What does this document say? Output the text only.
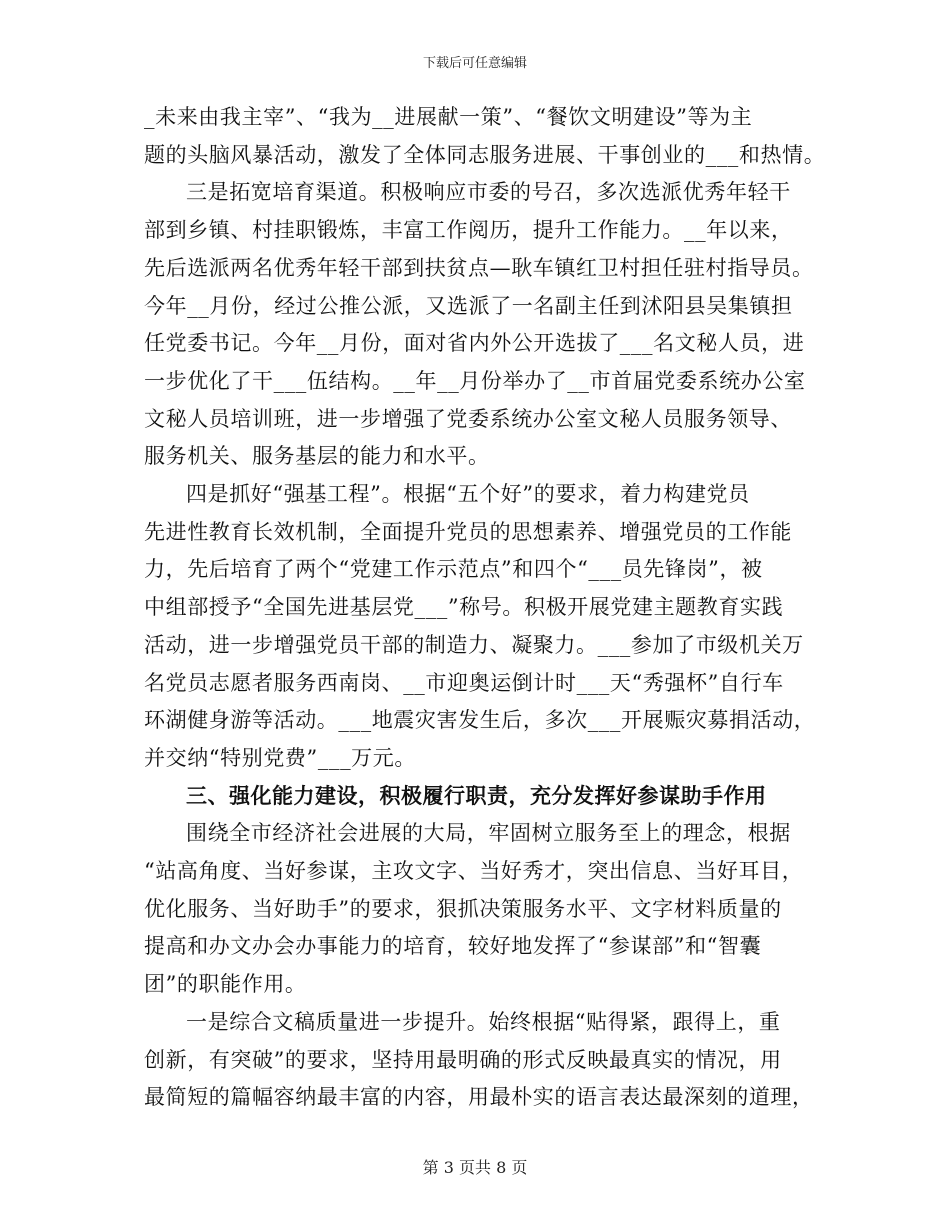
下载后可任意编辑
_未来由我主宰”、“我为__进展献一策”、“餐饮文明建设”等为主
题的头脑风暴活动，激发了全体同志服务进展、干事创业的___和热情。
三是拓宽培育渠道。积极响应市委的号召，多次选派优秀年轻干
部到乡镇、村挂职锻炼，丰富工作阅历，提升工作能力。__年以来，
先后选派两名优秀年轻干部到扶贫点—耿车镇红卫村担任驻村指导员。
今年__月份，经过公推公派，又选派了一名副主任到沭阳县吴集镇担
任党委书记。今年__月份，面对省内外公开选拔了___名文秘人员，进
一步优化了干___伍结构。__年__月份举办了__市首届党委系统办公室
文秘人员培训班，进一步增强了党委系统办公室文秘人员服务领导、
服务机关、服务基层的能力和水平。
四是抓好“强基工程”。根据“五个好”的要求，着力构建党员
先进性教育长效机制，全面提升党员的思想素养、增强党员的工作能
力，先后培育了两个“党建工作示范点”和四个“___员先锋岗”，被
中组部授予“全国先进基层党___”称号。积极开展党建主题教育实践
活动，进一步增强党员干部的制造力、凝聚力。___参加了市级机关万
名党员志愿者服务西南岗、__市迎奥运倒计时___天“秀强杯”自行车
环湖健身游等活动。___地震灾害发生后，多次___开展赈灾募捐活动，
并交纳“特别党费”___万元。
三、强化能力建设，积极履行职责，充分发挥好参谋助手作用
围绕全市经济社会进展的大局，牢固树立服务至上的理念，根据
“站高角度、当好参谋，主攻文字、当好秀才，突出信息、当好耳目，
优化服务、当好助手”的要求，狠抓决策服务水平、文字材料质量的
提高和办文办会办事能力的培育，较好地发挥了“参谋部”和“智囊
团”的职能作用。
一是综合文稿质量进一步提升。始终根据“贴得紧，跟得上，重
创新，有突破”的要求，坚持用最明确的形式反映最真实的情况，用
最简短的篇幅容纳最丰富的内容，用最朴实的语言表达最深刻的道理，
第 3 页共 8 页
